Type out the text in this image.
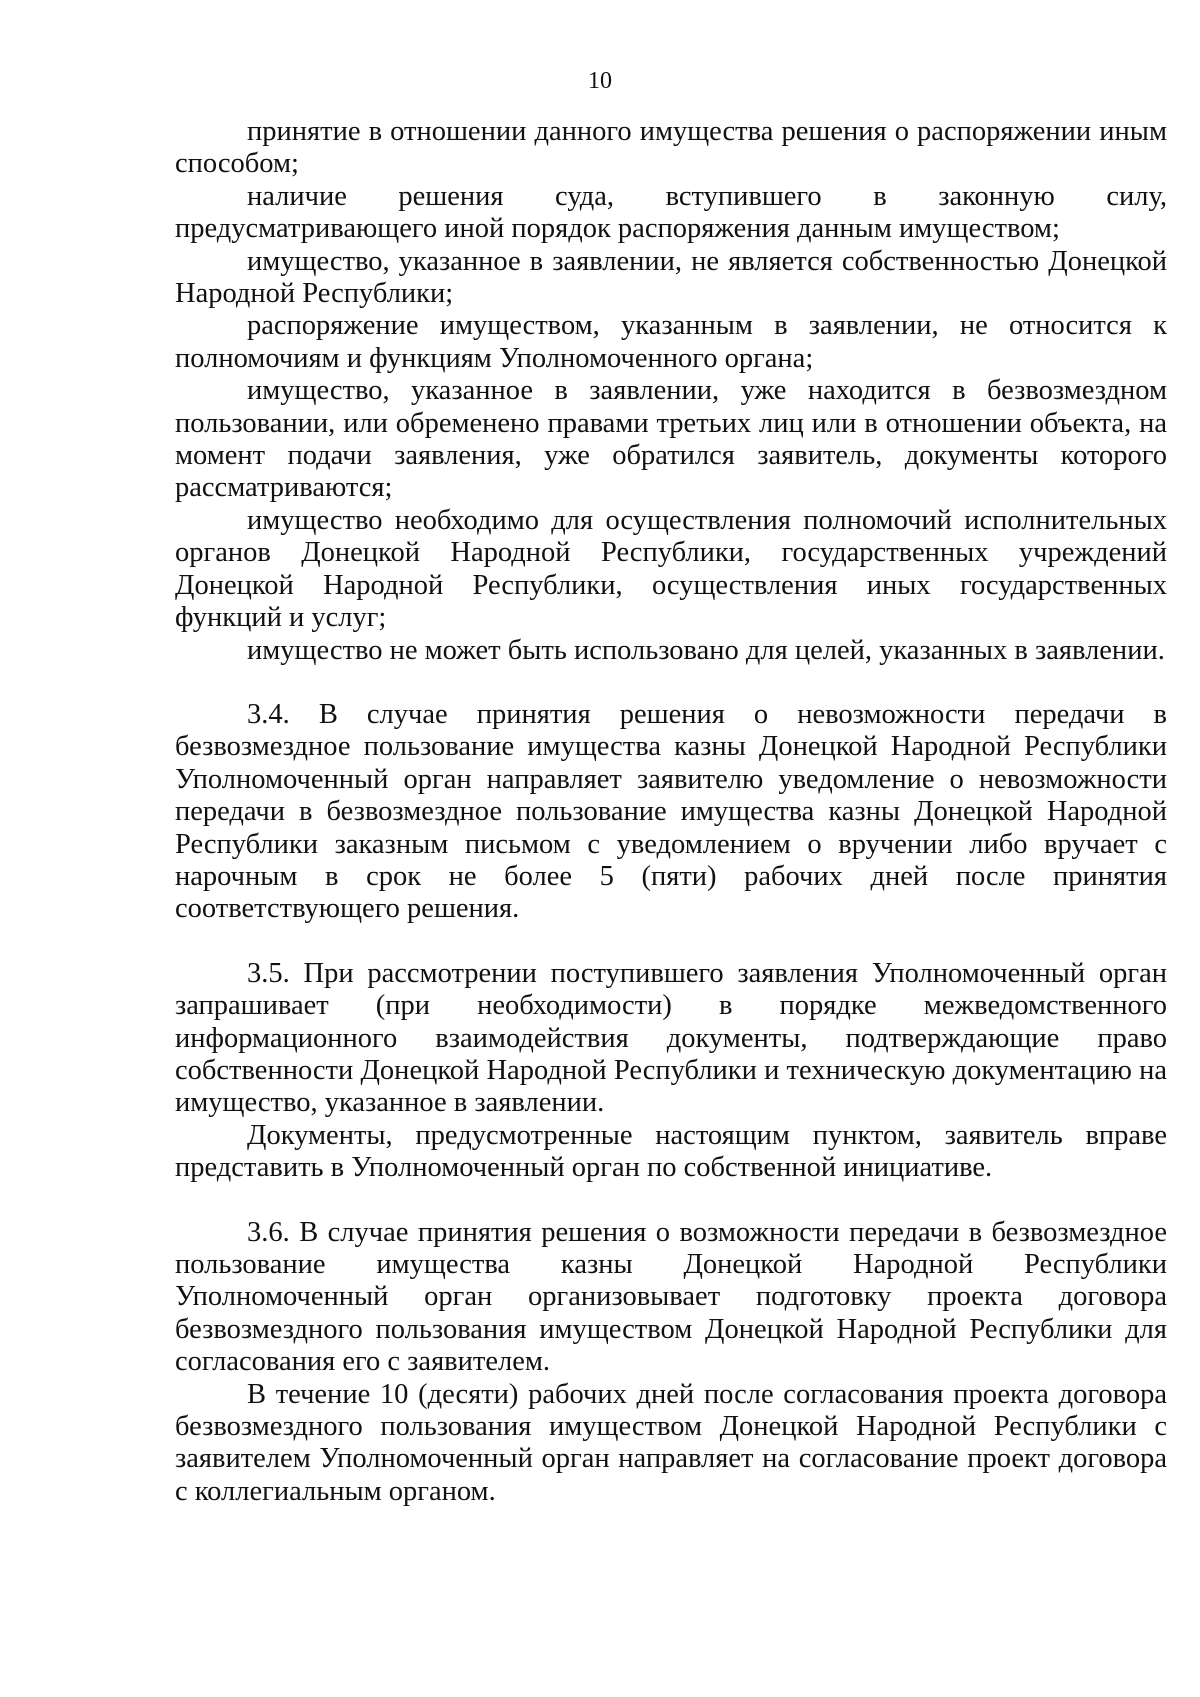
10

принятие в отношении данного имущества решения о распоряжении иным способом;

наличие решения суда, вступившего в законную силу, предусматривающего иной порядок распоряжения данным имуществом;

имущество, указанное в заявлении, не является собственностью Донецкой Народной Республики;

распоряжение имуществом, указанным в заявлении, не относится к полномочиям и функциям Уполномоченного органа;

имущество, указанное в заявлении, уже находится в безвозмездном пользовании, или обременено правами третьих лиц или в отношении объекта, на момент подачи заявления, уже обратился заявитель, документы которого рассматриваются;

имущество необходимо для осуществления полномочий исполнительных органов Донецкой Народной Республики, государственных учреждений Донецкой Народной Республики, осуществления иных государственных функций и услуг;

имущество не может быть использовано для целей, указанных в заявлении.

3.4. В случае принятия решения о невозможности передачи в безвозмездное пользование имущества казны Донецкой Народной Республики Уполномоченный орган направляет заявителю уведомление о невозможности передачи в безвозмездное пользование имущества казны Донецкой Народной Республики заказным письмом с уведомлением о вручении либо вручает с нарочным в срок не более 5 (пяти) рабочих дней после принятия соответствующего решения.

3.5. При рассмотрении поступившего заявления Уполномоченный орган запрашивает (при необходимости) в порядке межведомственного информационного взаимодействия документы, подтверждающие право собственности Донецкой Народной Республики и техническую документацию на имущество, указанное в заявлении.

Документы, предусмотренные настоящим пунктом, заявитель вправе представить в Уполномоченный орган по собственной инициативе.

3.6. В случае принятия решения о возможности передачи в безвозмездное пользование имущества казны Донецкой Народной Республики Уполномоченный орган организовывает подготовку проекта договора безвозмездного пользования имуществом Донецкой Народной Республики для согласования его с заявителем.

В течение 10 (десяти) рабочих дней после согласования проекта договора безвозмездного пользования имуществом Донецкой Народной Республики с заявителем Уполномоченный орган направляет на согласование проект договора с коллегиальным органом.
